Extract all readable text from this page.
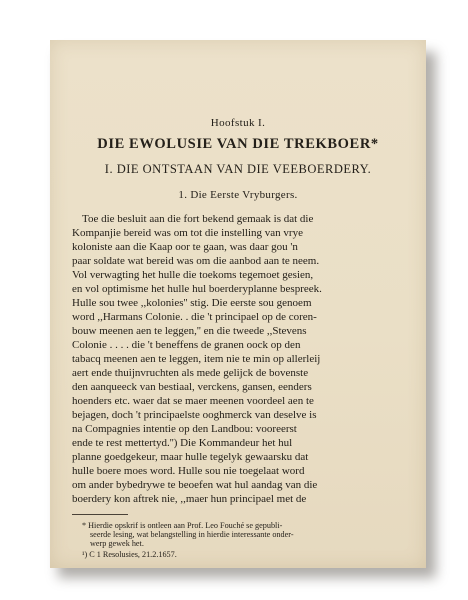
Hoofstuk I.
DIE EWOLUSIE VAN DIE TREKBOER*
I. DIE ONTSTAAN VAN DIE VEEBOERDERY.
1. Die Eerste Vryburgers.
Toe die besluit aan die fort bekend gemaak is dat die
Kompanjie bereid was om tot die instelling van vrye
koloniste aan die Kaap oor te gaan, was daar gou 'n
paar soldate wat bereid was om die aanbod aan te neem.
Vol verwagting het hulle die toekoms tegemoet gesien,
en vol optimisme het hulle hul boerderyplanne bespreek.
Hulle sou twee ,,kolonies'' stig. Die eerste sou genoem
word ,,Harmans Colonie. . die 't principael op de coren-
bouw meenen aen te leggen,'' en die tweede ,,Stevens
Colonie . . . . die 't beneffens de granen oock op den
tabacq meenen aen te leggen, item nie te min op allerleij
aert ende thuijnvruchten als mede gelijck de bovenste
den aanqueeck van bestiaal, verckens, gansen, eenders
hoenders etc. waer dat se maer meenen voordeel aen te
bejagen, doch 't principaelste ooghmerck van deselve is
na Compagnies intentie op den Landbou: vooreerst
ende te rest mettertyd.'') Die Kommandeur het hul
planne goedgekeur, maar hulle tegelyk gewaarsku dat
hulle boere moes word. Hulle sou nie toegelaat word
om ander bybedrywe te beoefen wat hul aandag van die
boerdery kon aftrek nie, ,,maer hun principael met de
* Hierdie opskrif is ontleen aan Prof. Leo Fouché se gepubli-
seerde lesing, wat belangstelling in hierdie interessante onder-
werp gewek het.
¹) C 1 Resolusies, 21.2.1657.
